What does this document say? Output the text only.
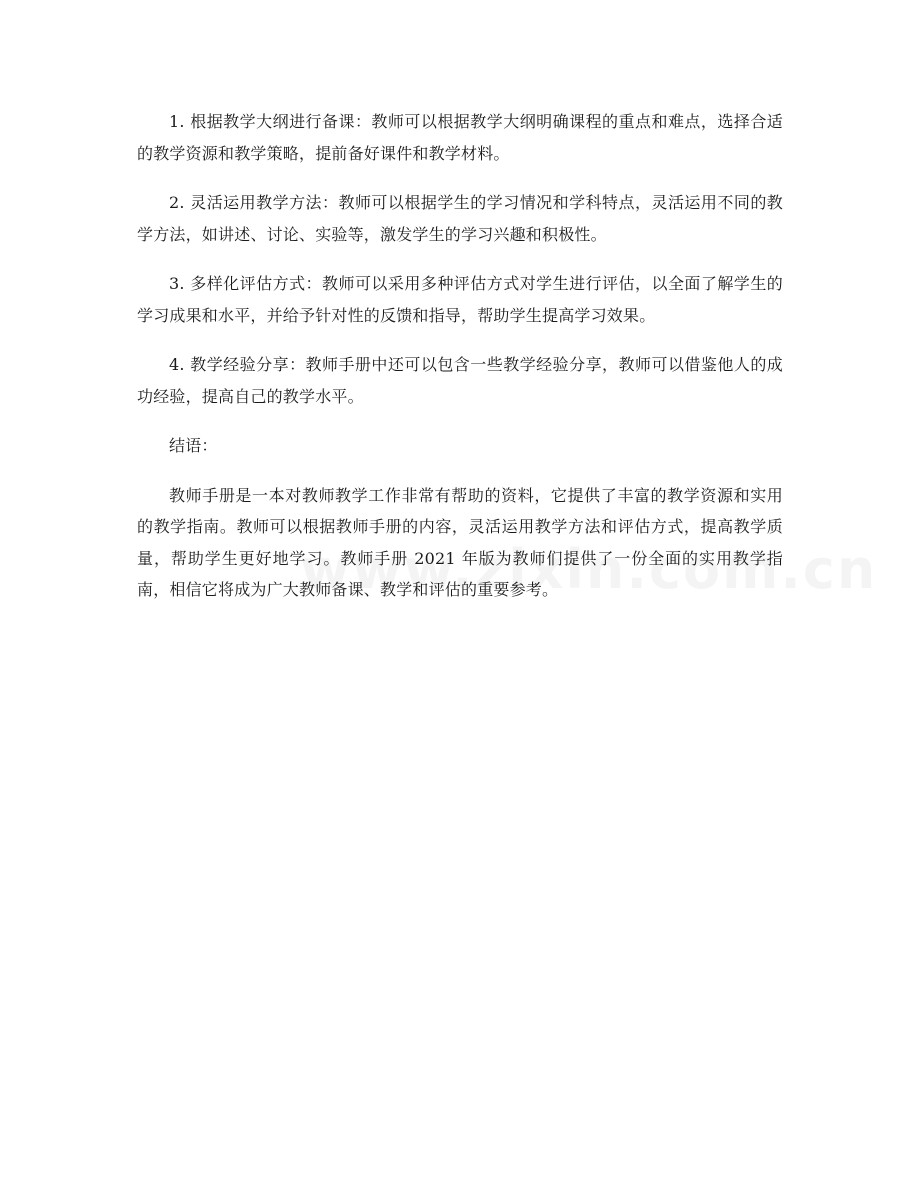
1. 根据教学大纲进行备课：教师可以根据教学大纲明确课程的重点和难点，选择合适的教学资源和教学策略，提前备好课件和教学材料。

2. 灵活运用教学方法：教师可以根据学生的学习情况和学科特点，灵活运用不同的教学方法，如讲述、讨论、实验等，激发学生的学习兴趣和积极性。

3. 多样化评估方式：教师可以采用多种评估方式对学生进行评估，以全面了解学生的学习成果和水平，并给予针对性的反馈和指导，帮助学生提高学习效果。

4. 教学经验分享：教师手册中还可以包含一些教学经验分享，教师可以借鉴他人的成功经验，提高自己的教学水平。

结语：

教师手册是一本对教师教学工作非常有帮助的资料，它提供了丰富的教学资源和实用的教学指南。教师可以根据教师手册的内容，灵活运用教学方法和评估方式，提高教学质量，帮助学生更好地学习。教师手册 2021 年版为教师们提供了一份全面的实用教学指南，相信它将成为广大教师备课、教学和评估的重要参考。
